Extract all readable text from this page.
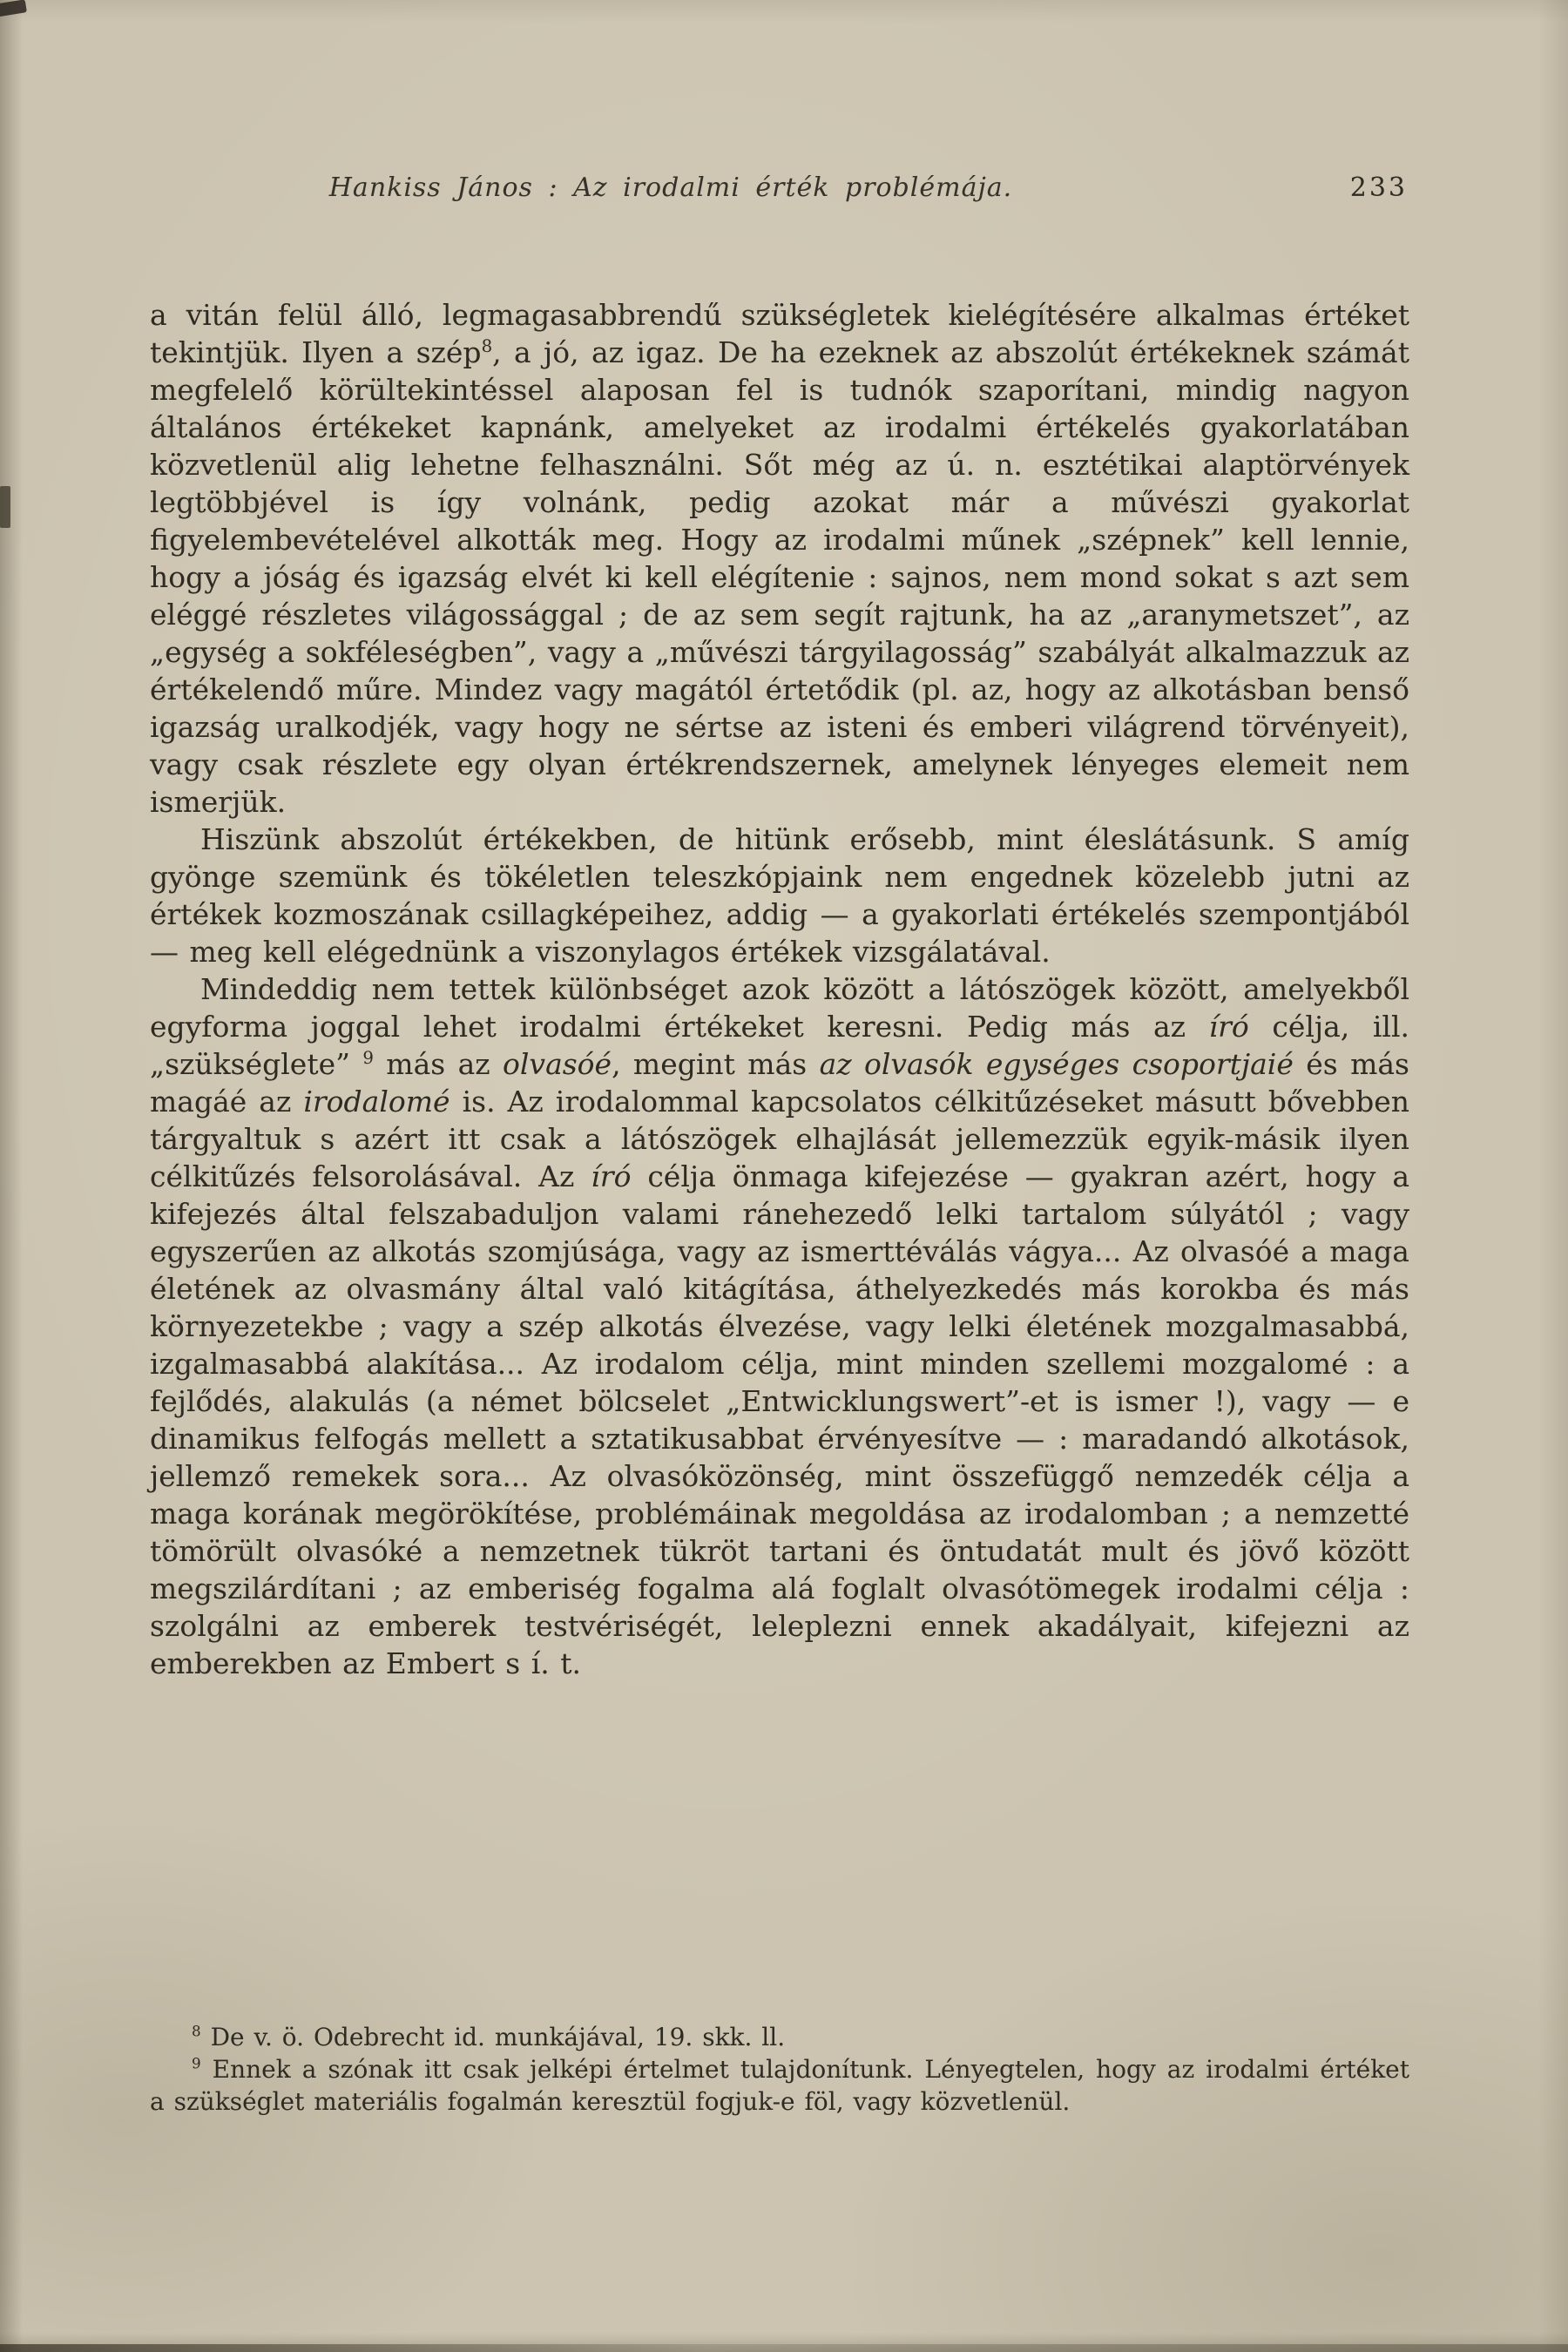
Hankiss János : Az irodalmi érték problémája.	233

a vitán felül álló, legmagasabbrendű szükségletek kielégítésére alkalmas értéket tekintjük. Ilyen a szép$^8$, a jó, az igaz. De ha ezeknek az abszolút értékeknek számát megfelelő körültekintéssel alaposan fel is tudnók szaporítani, mindig nagyon általános értékeket kapnánk, amelyeket az irodalmi értékelés gyakorlatában közvetlenül alig lehetne felhasználni. Sőt még az ú. n. esztétikai alaptörvények legtöbbjével is így volnánk, pedig azokat már a művészi gyakorlat figyelembevételével alkották meg. Hogy az irodalmi műnek „szépnek” kell lennie, hogy a jóság és igazság elvét ki kell elégítenie : sajnos, nem mond sokat s azt sem eléggé részletes világossággal ; de az sem segít rajtunk, ha az „aranymetszet”, az „egység a sokféleségben”, vagy a „művészi tárgyilagosság” szabályát alkalmazzuk az értékelendő műre. Mindez vagy magától értetődik (pl. az, hogy az alkotásban benső igazság uralkodjék, vagy hogy ne sértse az isteni és emberi világrend törvényeit), vagy csak részlete egy olyan értékrendszernek, amelynek lényeges elemeit nem ismerjük.

Hiszünk abszolút értékekben, de hitünk erősebb, mint éleslátásunk. S amíg gyönge szemünk és tökéletlen teleszkópjaink nem engednek közelebb jutni az értékek kozmoszának csillagképeihez, addig — a gyakorlati értékelés szempontjából — meg kell elégednünk a viszonylagos értékek vizsgálatával.

Mindeddig nem tettek különbséget azok között a látószögek között, amelyekből egyforma joggal lehet irodalmi értékeket keresni. Pedig más az író célja, ill. „szükséglete” $^9$ más az olvasóé, megint más az olvasók egységes csoportjaié és más magáé az irodalomé is. Az irodalommal kapcsolatos célkitűzéseket másutt bővebben tárgyaltuk s azért itt csak a látószögek elhajlását jellemezzük egyik-másik ilyen célkitűzés felsorolásával. Az író célja önmaga kifejezése — gyakran azért, hogy a kifejezés által felszabaduljon valami ránehezedő lelki tartalom súlyától ; vagy egyszerűen az alkotás szomjúsága, vagy az ismerttéválás vágya... Az olvasóé a maga életének az olvasmány által való kitágítása, áthelyezkedés más korokba és más környezetekbe ; vagy a szép alkotás élvezése, vagy lelki életének mozgalmasabbá, izgalmasabbá alakítása... Az irodalom célja, mint minden szellemi mozgalomé : a fejlődés, alakulás (a német bölcselet „Entwicklungswert”-et is ismer !), vagy — e dinamikus felfogás mellett a sztatikusabbat érvényesítve — : maradandó alkotások, jellemző remekek sora... Az olvasóközönség, mint összefüggő nemzedék célja a maga korának megörökítése, problémáinak megoldása az irodalomban ; a nemzetté tömörült olvasóké a nemzetnek tükröt tartani és öntudatát mult és jövő között megszilárdítani ; az emberiség fogalma alá foglalt olvasótömegek irodalmi célja : szolgálni az emberek testvériségét, leleplezni ennek akadályait, kifejezni az emberekben az Embert s í. t.

$^8$ De v. ö. Odebrecht id. munkájával, 19. skk. ll.

$^9$ Ennek a szónak itt csak jelképi értelmet tulajdonítunk. Lényegtelen, hogy az irodalmi értéket a szükséglet materiális fogalmán keresztül fogjuk-e föl, vagy közvetlenül.
